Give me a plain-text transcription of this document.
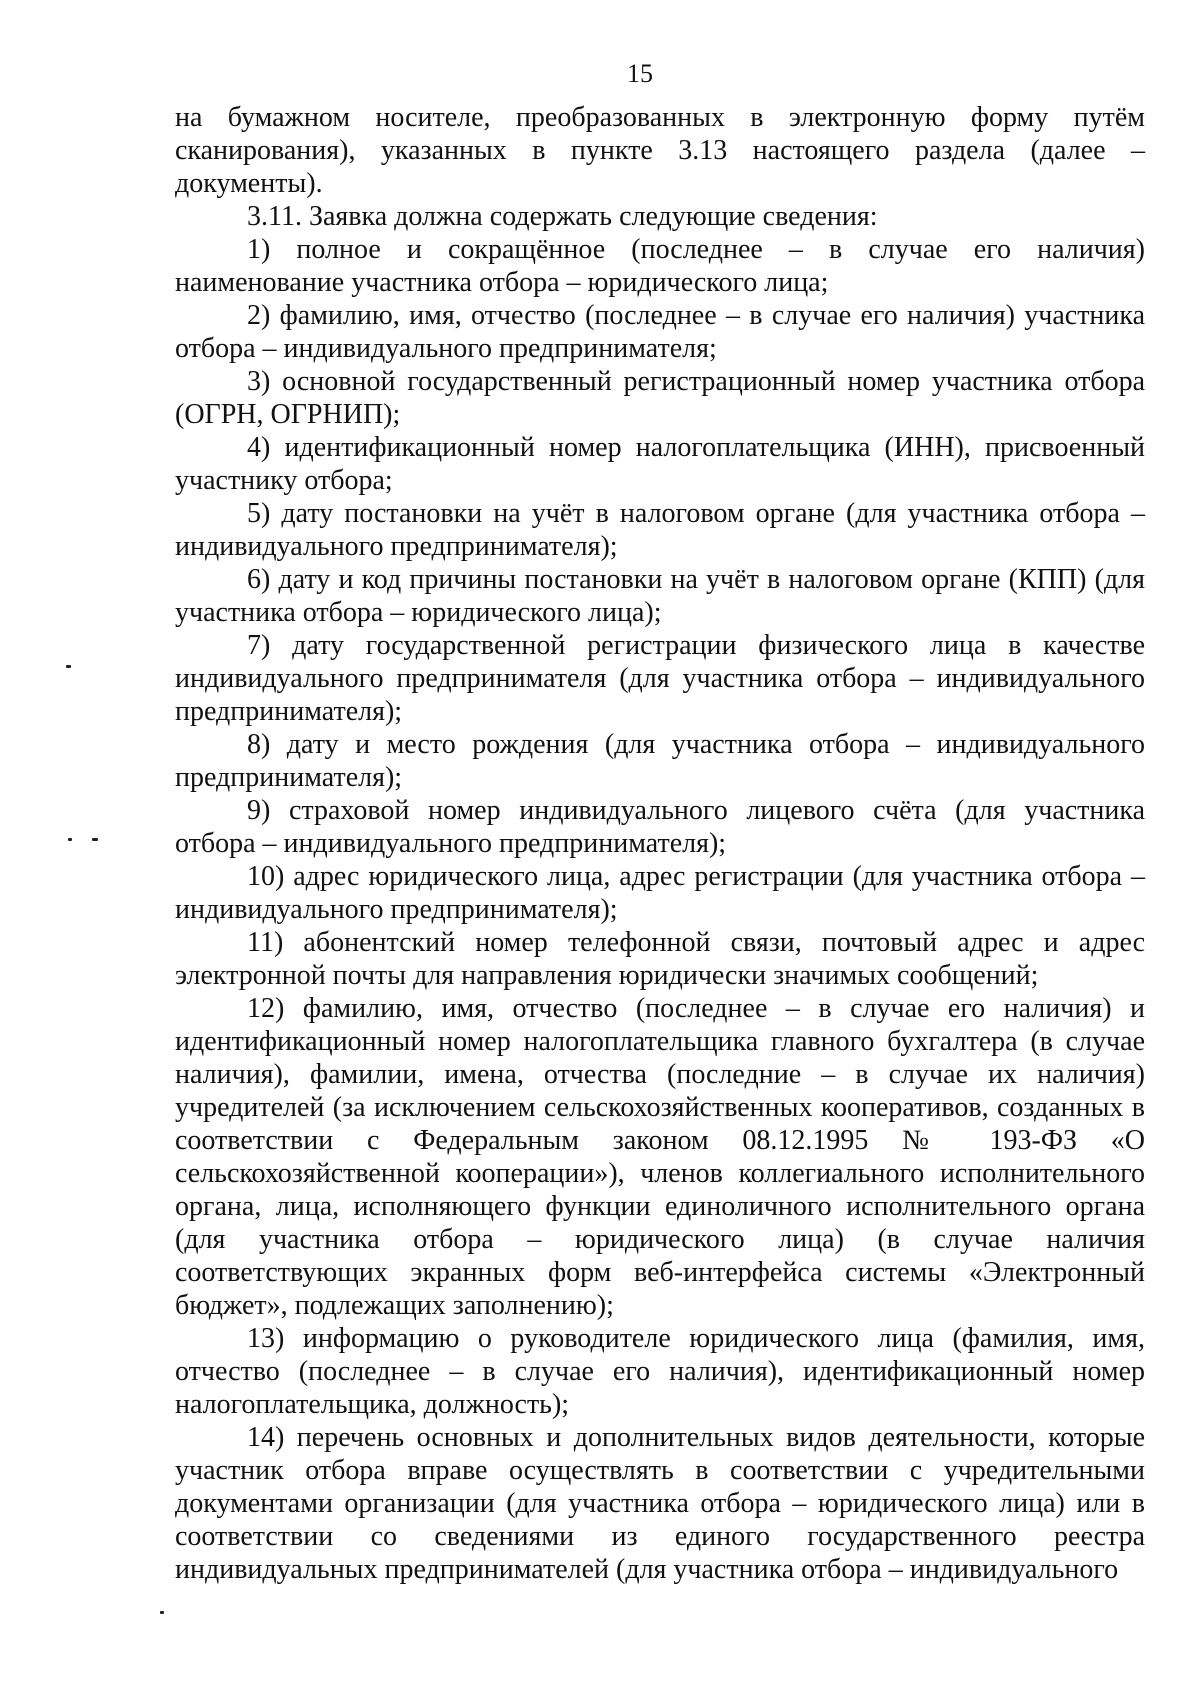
15

на бумажном носителе, преобразованных в электронную форму путём сканирования), указанных в пункте 3.13 настоящего раздела (далее – документы).

3.11. Заявка должна содержать следующие сведения:

1) полное и сокращённое (последнее – в случае его наличия) наименование участника отбора – юридического лица;

2) фамилию, имя, отчество (последнее – в случае его наличия) участника отбора – индивидуального предпринимателя;

3) основной государственный регистрационный номер участника отбора (ОГРН, ОГРНИП);

4) идентификационный номер налогоплательщика (ИНН), присвоенный участнику отбора;

5) дату постановки на учёт в налоговом органе (для участника отбора – индивидуального предпринимателя);

6) дату и код причины постановки на учёт в налоговом органе (КПП) (для участника отбора – юридического лица);

7) дату государственной регистрации физического лица в качестве индивидуального предпринимателя (для участника отбора – индивидуального предпринимателя);

8) дату и место рождения (для участника отбора – индивидуального предпринимателя);

9) страховой номер индивидуального лицевого счёта (для участника отбора – индивидуального предпринимателя);

10) адрес юридического лица, адрес регистрации (для участника отбора – индивидуального предпринимателя);

11) абонентский номер телефонной связи, почтовый адрес и адрес электронной почты для направления юридически значимых сообщений;

12) фамилию, имя, отчество (последнее – в случае его наличия) и идентификационный номер налогоплательщика главного бухгалтера (в случае наличия), фамилии, имена, отчества (последние – в случае их наличия) учредителей (за исключением сельскохозяйственных кооперативов, созданных в соответствии с Федеральным законом 08.12.1995 № 193-ФЗ «О сельскохозяйственной кооперации»), членов коллегиального исполнительного органа, лица, исполняющего функции единоличного исполнительного органа (для участника отбора – юридического лица) (в случае наличия соответствующих экранных форм веб-интерфейса системы «Электронный бюджет», подлежащих заполнению);

13) информацию о руководителе юридического лица (фамилия, имя, отчество (последнее – в случае его наличия), идентификационный номер налогоплательщика, должность);

14) перечень основных и дополнительных видов деятельности, которые участник отбора вправе осуществлять в соответствии с учредительными документами организации (для участника отбора – юридического лица) или в соответствии со сведениями из единого государственного реестра индивидуальных предпринимателей (для участника отбора – индивидуального
